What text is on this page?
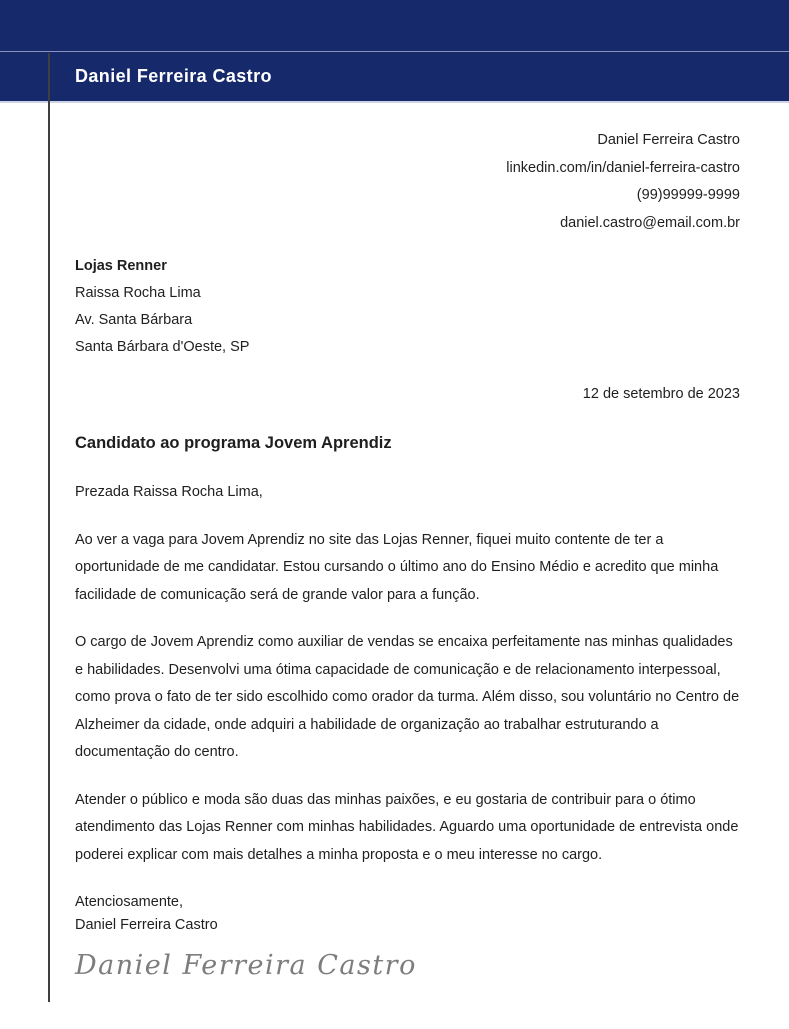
Daniel Ferreira Castro
Daniel Ferreira Castro
linkedin.com/in/daniel-ferreira-castro
(99)99999-9999
daniel.castro@email.com.br
Lojas Renner
Raissa Rocha Lima
Av. Santa Bárbara
Santa Bárbara d'Oeste, SP
12 de setembro de 2023
Candidato ao programa Jovem Aprendiz
Prezada Raissa Rocha Lima,

Ao ver a vaga para Jovem Aprendiz no site das Lojas Renner, fiquei muito contente de ter a oportunidade de me candidatar. Estou cursando o último ano do Ensino Médio e acredito que minha facilidade de comunicação será de grande valor para a função.

O cargo de Jovem Aprendiz como auxiliar de vendas se encaixa perfeitamente nas minhas qualidades e habilidades. Desenvolvi uma ótima capacidade de comunicação e de relacionamento interpessoal, como prova o fato de ter sido escolhido como orador da turma. Além disso, sou voluntário no Centro de Alzheimer da cidade, onde adquiri a habilidade de organização ao trabalhar estruturando a documentação do centro.

Atender o público e moda são duas das minhas paixões, e eu gostaria de contribuir para o ótimo atendimento das Lojas Renner com minhas habilidades. Aguardo uma oportunidade de entrevista onde poderei explicar com mais detalhes a minha proposta e o meu interesse no cargo.

Atenciosamente,
Daniel Ferreira Castro
Daniel Ferreira Castro
